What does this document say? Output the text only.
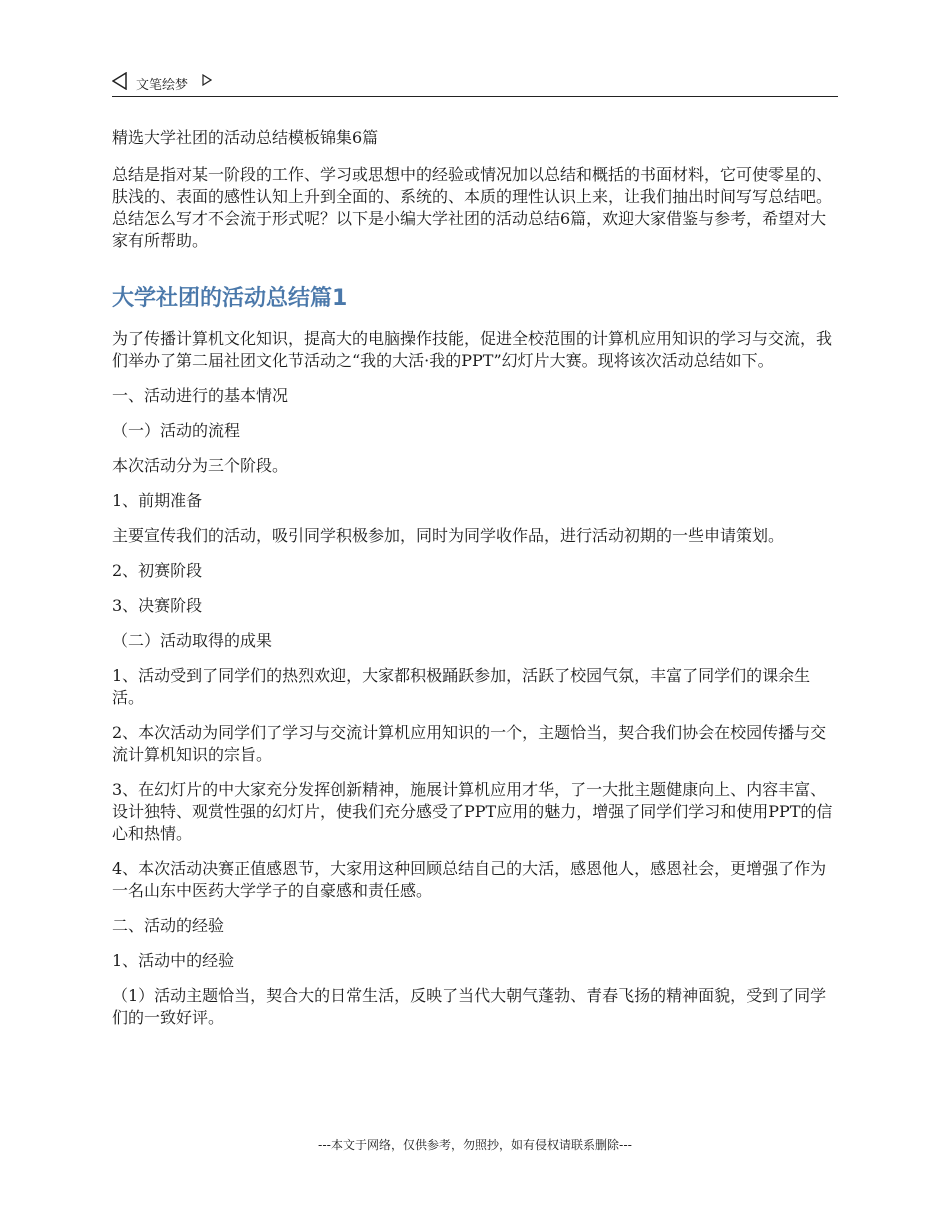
文笔绘梦

精选大学社团的活动总结模板锦集6篇

总结是指对某一阶段的工作、学习或思想中的经验或情况加以总结和概括的书面材料，它可使零星的、肤浅的、表面的感性认知上升到全面的、系统的、本质的理性认识上来，让我们抽出时间写写总结吧。总结怎么写才不会流于形式呢？以下是小编大学社团的活动总结6篇，欢迎大家借鉴与参考，希望对大家有所帮助。

大学社团的活动总结篇1

为了传播计算机文化知识，提高大的电脑操作技能，促进全校范围的计算机应用知识的学习与交流，我们举办了第二届社团文化节活动之“我的大活·我的PPT”幻灯片大赛。现将该次活动总结如下。

一、活动进行的基本情况

（一）活动的流程

本次活动分为三个阶段。

1、前期准备

主要宣传我们的活动，吸引同学积极参加，同时为同学收作品，进行活动初期的一些申请策划。

2、初赛阶段

3、决赛阶段

（二）活动取得的成果

1、活动受到了同学们的热烈欢迎，大家都积极踊跃参加，活跃了校园气氛，丰富了同学们的课余生活。

2、本次活动为同学们了学习与交流计算机应用知识的一个，主题恰当，契合我们协会在校园传播与交流计算机知识的宗旨。

3、在幻灯片的中大家充分发挥创新精神，施展计算机应用才华，了一大批主题健康向上、内容丰富、设计独特、观赏性强的幻灯片，使我们充分感受了PPT应用的魅力，增强了同学们学习和使用PPT的信心和热情。

4、本次活动决赛正值感恩节，大家用这种回顾总结自己的大活，感恩他人，感恩社会，更增强了作为一名山东中医药大学学子的自豪感和责任感。

二、活动的经验

1、活动中的经验

（1）活动主题恰当，契合大的日常生活，反映了当代大朝气蓬勃、青春飞扬的精神面貌，受到了同学们的一致好评。

---本文于网络，仅供参考，勿照抄，如有侵权请联系删除---
